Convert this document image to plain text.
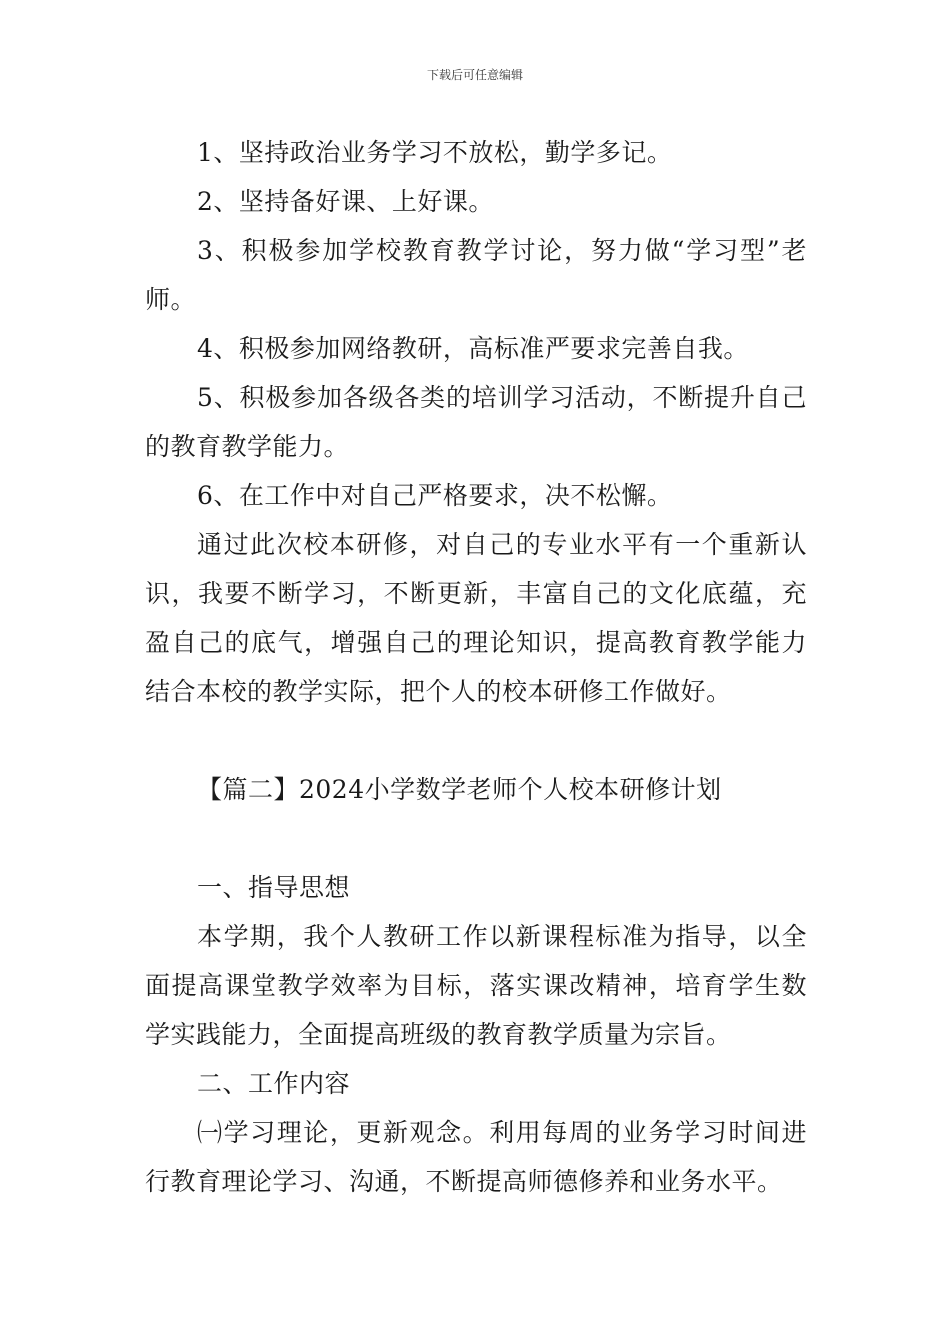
下载后可任意编辑

1、坚持政治业务学习不放松，勤学多记。

2、坚持备好课、上好课。

3、积极参加学校教育教学讨论，努力做“学习型”老师。

4、积极参加网络教研，高标准严要求完善自我。

5、积极参加各级各类的培训学习活动，不断提升自己的教育教学能力。

6、在工作中对自己严格要求，决不松懈。

通过此次校本研修，对自己的专业水平有一个重新认识，我要不断学习，不断更新，丰富自己的文化底蕴，充盈自己的底气，增强自己的理论知识，提高教育教学能力结合本校的教学实际，把个人的校本研修工作做好。

【篇二】2024小学数学老师个人校本研修计划

一、指导思想

本学期，我个人教研工作以新课程标准为指导，以全面提高课堂教学效率为目标，落实课改精神，培育学生数学实践能力，全面提高班级的教育教学质量为宗旨。

二、工作内容

㈠学习理论，更新观念。利用每周的业务学习时间进行教育理论学习、沟通，不断提高师德修养和业务水平。
